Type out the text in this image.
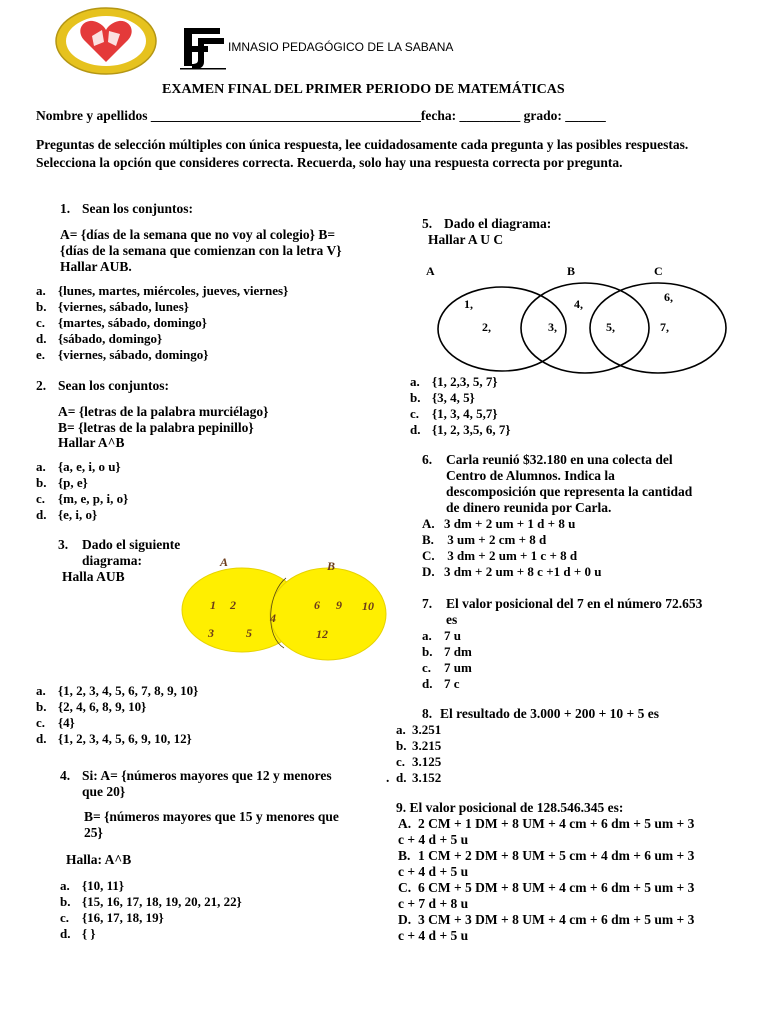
IMNASIO PEDAGÓGICO DE LA SABANA
EXAMEN FINAL DEL PRIMER PERIODO DE MATEMÁTICAS
Nombre y apellidos ________________________________________fecha: _________ grado: ______
Preguntas de selección múltiples con única respuesta, lee cuidadosamente cada pregunta y las posibles respuestas. Selecciona la opción que consideres correcta. Recuerda, solo hay una respuesta correcta por pregunta.
1. Sean los conjuntos:
A= {días de la semana que no voy al colegio} B=
{días de la semana que comienzan con la letra V}
Hallar AUB.
a. {lunes, martes, miércoles, jueves, viernes}
b. {viernes, sábado, lunes}
c. {martes, sábado, domingo}
d. {sábado, domingo}
e. {viernes, sábado, domingo}
2. Sean los conjuntos:
A= {letras de la palabra murciélago}
B= {letras de la palabra pepinillo}
Hallar A^B
a. {a, e, i, o u}
b. {p, e}
c. {m, e, p, i, o}
d. {e, i, o}
3. Dado el siguiente
diagrama:
Halla AUB
A	B
1 2
3	5
4
6 9 10
12
a. {1, 2, 3, 4, 5, 6, 7, 8, 9, 10}
b. {2, 4, 6, 8, 9, 10}
c. {4}
d. {1, 2, 3, 4, 5, 6, 9, 10, 12}
4. Si: A= {números mayores que 12 y menores
que 20}
B= {números mayores que 15 y menores que
25}
Halla: A^B
a. {10, 11}
b. {15, 16, 17, 18, 19, 20, 21, 22}
c. {16, 17, 18, 19}
d. { }
5. Dado el diagrama:
Hallar A U C
A	B	C
1,
2,	3,
4,
5,
6,
7,
a. {1, 2,3, 5, 7}
b. {3, 4, 5}
c. {1, 3, 4, 5,7}
d. {1, 2, 3,5, 6, 7}
6. Carla reunió $32.180 en una colecta del
Centro de Alumnos. Indica la
descomposición que representa la cantidad
de dinero reunida por Carla.
A. 3 dm + 2 um + 1 d + 8 u
B. 3 um + 2 cm + 8 d
C. 3 dm + 2 um + 1 c + 8 d
D. 3 dm + 2 um + 8 c +1 d + 0 u
7. El valor posicional del 7 en el número 72.653
es
a. 7 u
b. 7 dm
c. 7 um
d. 7 c
8. El resultado de 3.000 + 200 + 10 + 5 es
a. 3.251
b. 3.215
c. 3.125
. d. 3.152
9. El valor posicional de 128.546.345 es:
A. 2 CM + 1 DM + 8 UM + 4 cm + 6 dm + 5 um + 3
c + 4 d + 5 u
B. 1 CM + 2 DM + 8 UM + 5 cm + 4 dm + 6 um + 3
c + 4 d + 5 u
C. 6 CM + 5 DM + 8 UM + 4 cm + 6 dm + 5 um + 3
c + 7 d + 8 u
D. 3 CM + 3 DM + 8 UM + 4 cm + 6 dm + 5 um + 3
c + 4 d + 5 u
